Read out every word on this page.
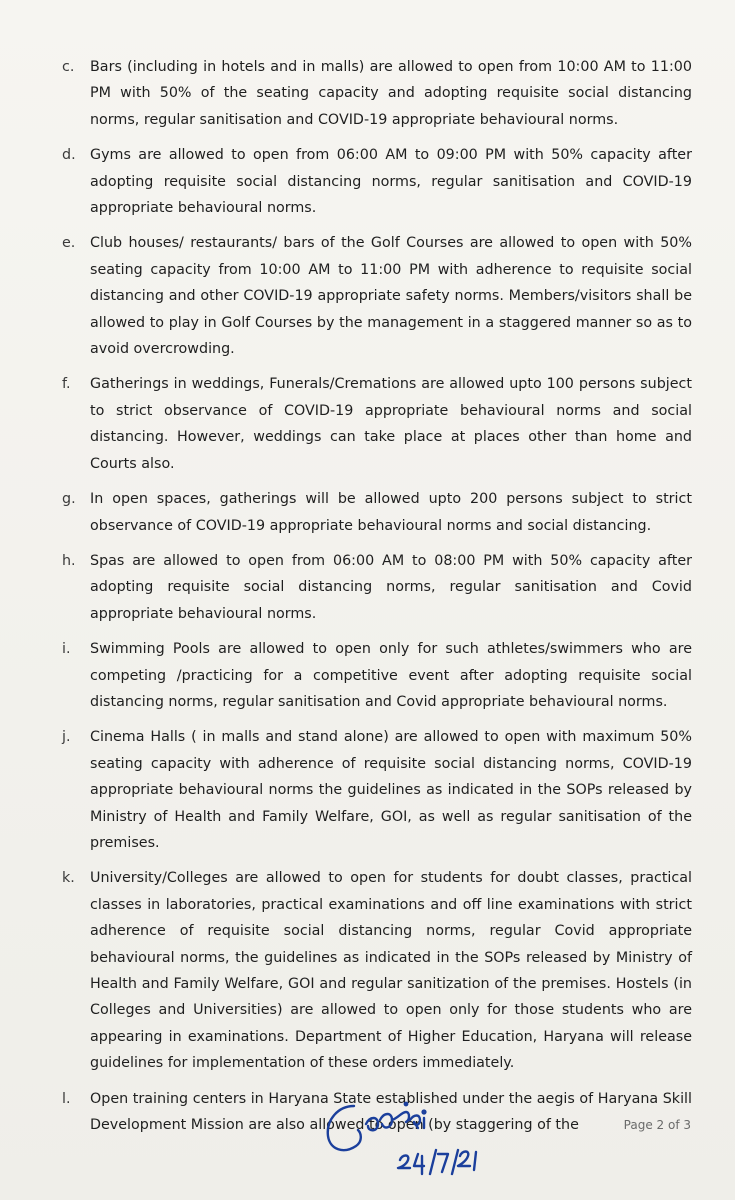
c.	Bars (including in hotels and in malls) are allowed to open from 10:00 AM to 11:00 PM with 50% of the seating capacity and adopting requisite social distancing norms, regular sanitisation and COVID-19 appropriate behavioural norms.
d.	Gyms are allowed to open from 06:00 AM to 09:00 PM with 50% capacity after adopting requisite social distancing norms, regular sanitisation and COVID-19 appropriate behavioural norms.
e.	Club houses/ restaurants/ bars of the Golf Courses are allowed to open with 50% seating capacity from 10:00 AM to 11:00 PM with adherence to requisite social distancing and other COVID-19 appropriate safety norms. Members/visitors shall be allowed to play in Golf Courses by the management in a staggered manner so as to avoid overcrowding.
f.	Gatherings in weddings, Funerals/Cremations are allowed upto 100 persons subject to strict observance of COVID-19 appropriate behavioural norms and social distancing. However, weddings can take place at places other than home and Courts also.
g.	In open spaces, gatherings will be allowed upto 200 persons subject to strict observance of COVID-19 appropriate behavioural norms and social distancing.
h.	Spas are allowed to open from 06:00 AM to 08:00 PM with 50% capacity after adopting requisite social distancing norms, regular sanitisation and Covid appropriate behavioural norms.
i.	Swimming Pools are allowed to open only for such athletes/swimmers who are competing /practicing for a competitive event after adopting requisite social distancing norms, regular sanitisation and Covid appropriate behavioural norms.
j.	Cinema Halls ( in malls and stand alone) are allowed to open with maximum 50% seating capacity with adherence of requisite social distancing norms, COVID-19 appropriate behavioural norms the guidelines as indicated in the SOPs released by Ministry of Health and Family Welfare, GOI, as well as regular sanitisation of the premises.
k.	University/Colleges are allowed to open for students for doubt classes, practical classes in laboratories, practical examinations and off line examinations with strict adherence of requisite social distancing norms, regular Covid appropriate behavioural norms, the guidelines as indicated in the SOPs released by Ministry of Health and Family Welfare, GOI and regular sanitization of the premises. Hostels (in Colleges and Universities) are allowed to open only for those students who are appearing in examinations. Department of Higher Education, Haryana will release guidelines for implementation of these orders immediately.
l.	Open training centers in Haryana State established under the aegis of Haryana Skill Development Mission are also allowed to open (by staggering of the	Page 2 of 3
